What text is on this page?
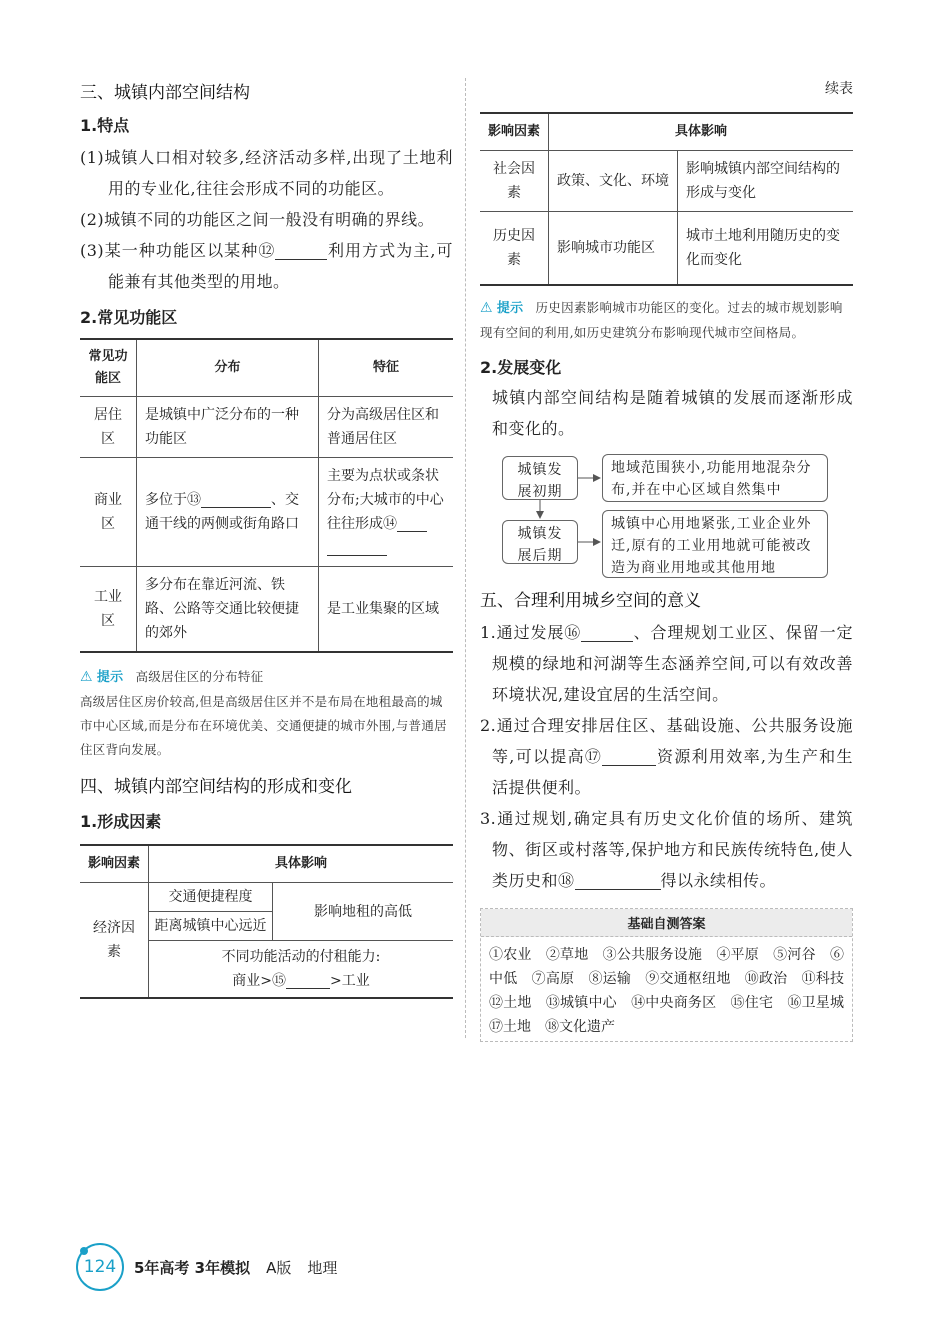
三、城镇内部空间结构
1.特点

(1)城镇人口相对较多,经济活动多样,出现了土地利用的专业化,往往会形成不同的功能区。

(2)城镇不同的功能区之间一般没有明确的界线。

(3)某一种功能区以某种⑫	利用方式为主,可能兼有其他类型的用地。

2.常见功能区
常见功能区	分布	特征
居住区	是城镇中广泛分布的一种功能区	分为高级居住区和普通居住区
商业区	多位于⑬ 、交通干线的两侧或街角路口	主要为点状或条状分布;大城市的中心往往形成⑭

工业区	多分布在靠近河流、铁路、公路等交通比较便捷的郊外	是工业集聚的区域

⚠ 提示 高级居住区的分布特征
高级居住区房价较高,但是高级居住区并不是布局在地租最高的城市中心区域,而是分布在环境优美、交通便捷的城市外围,与普通居住区背向发展。

四、城镇内部空间结构的形成和变化
1.形成因素
影响因素	具体影响	
经济因素	交通便捷程度	影响地租的高低
	距离城镇中心远近	
	不同功能活动的付租能力:
商业>⑮ >工业	
续表
影响因素	具体影响	
社会因素	政策、文化、环境	影响城镇内部空间结构的形成与变化
历史因素	影响城市功能区	城市土地利用随历史的变化而变化

⚠ 提示 历史因素影响城市功能区的变化。过去的城市规划影响现有空间的利用,如历史建筑分布影响现代城市空间格局。

2.发展变化

城镇内部空间结构是随着城镇的发展而逐渐形成和变化的。

城镇发展初期
地域范围狭小,功能用地混杂分布,并在中心区域自然集中
城镇发展后期
城镇中心用地紧张,工业企业外迁,原有的工业用地就可能被改造为商业用地或其他用地
五、合理利用城乡空间的意义

1.通过发展⑯	、合理规划工业区、保留一定规模的绿地和河湖等生态涵养空间,可以有效改善环境状况,建设宜居的生活空间。

2.通过合理安排居住区、基础设施、公共服务设施等,可以提高⑰	资源利用效率,为生产和生活提供便利。

3.通过规划,确定具有历史文化价值的场所、建筑物、街区或村落等,保护地方和民族传统特色,使人类历史和⑱	得以永续相传。

基础自测答案
①农业　②草地　③公共服务设施　④平原　⑤河谷　⑥中低　⑦高原　⑧运输　⑨交通枢纽地　⑩政治　⑪科技　⑫土地　⑬城镇中心　⑭中央商务区　⑮住宅　⑯卫星城　⑰土地　⑱文化遗产
124	5年高考 3年模拟 A版 地理
